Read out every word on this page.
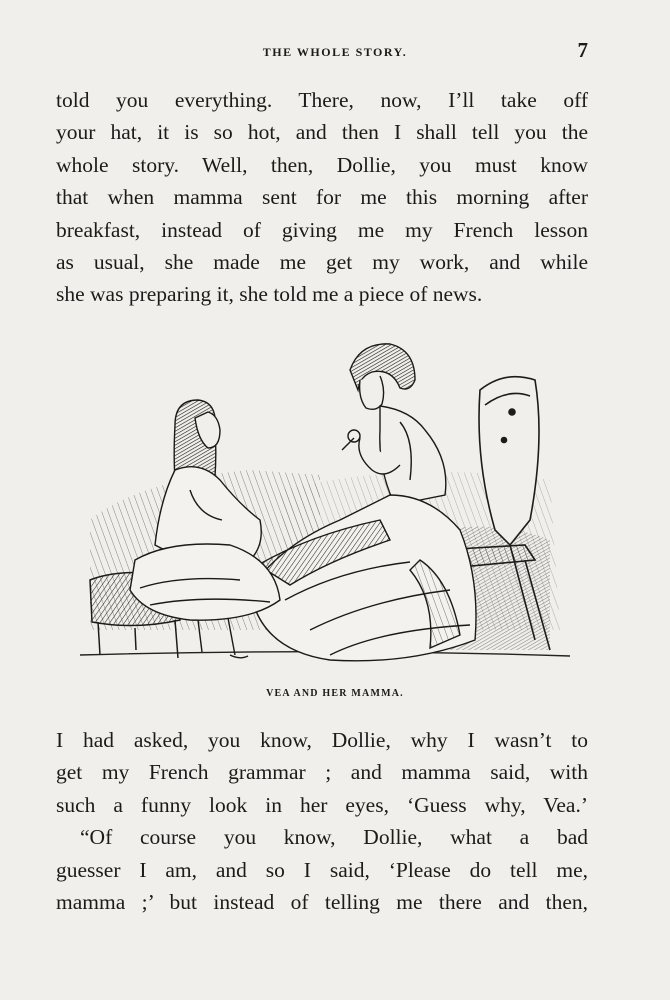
THE WHOLE STORY.	7
told you everything. There, now, I’ll take off
your hat, it is so hot, and then I shall tell you the
whole story. Well, then, Dollie, you must know
that when mamma sent for me this morning after
breakfast, instead of giving me my French lesson
as usual, she made me get my work, and while
she was preparing it, she told me a piece of news.
VEA AND HER MAMMA.
I had asked, you know, Dollie, why I wasn’t to
get my French grammar ; and mamma said, with
such a funny look in her eyes, ‘Guess why, Vea.’
“Of course you know, Dollie, what a bad
guesser I am, and so I said, ‘Please do tell me,
mamma ;’ but instead of telling me there and then,
